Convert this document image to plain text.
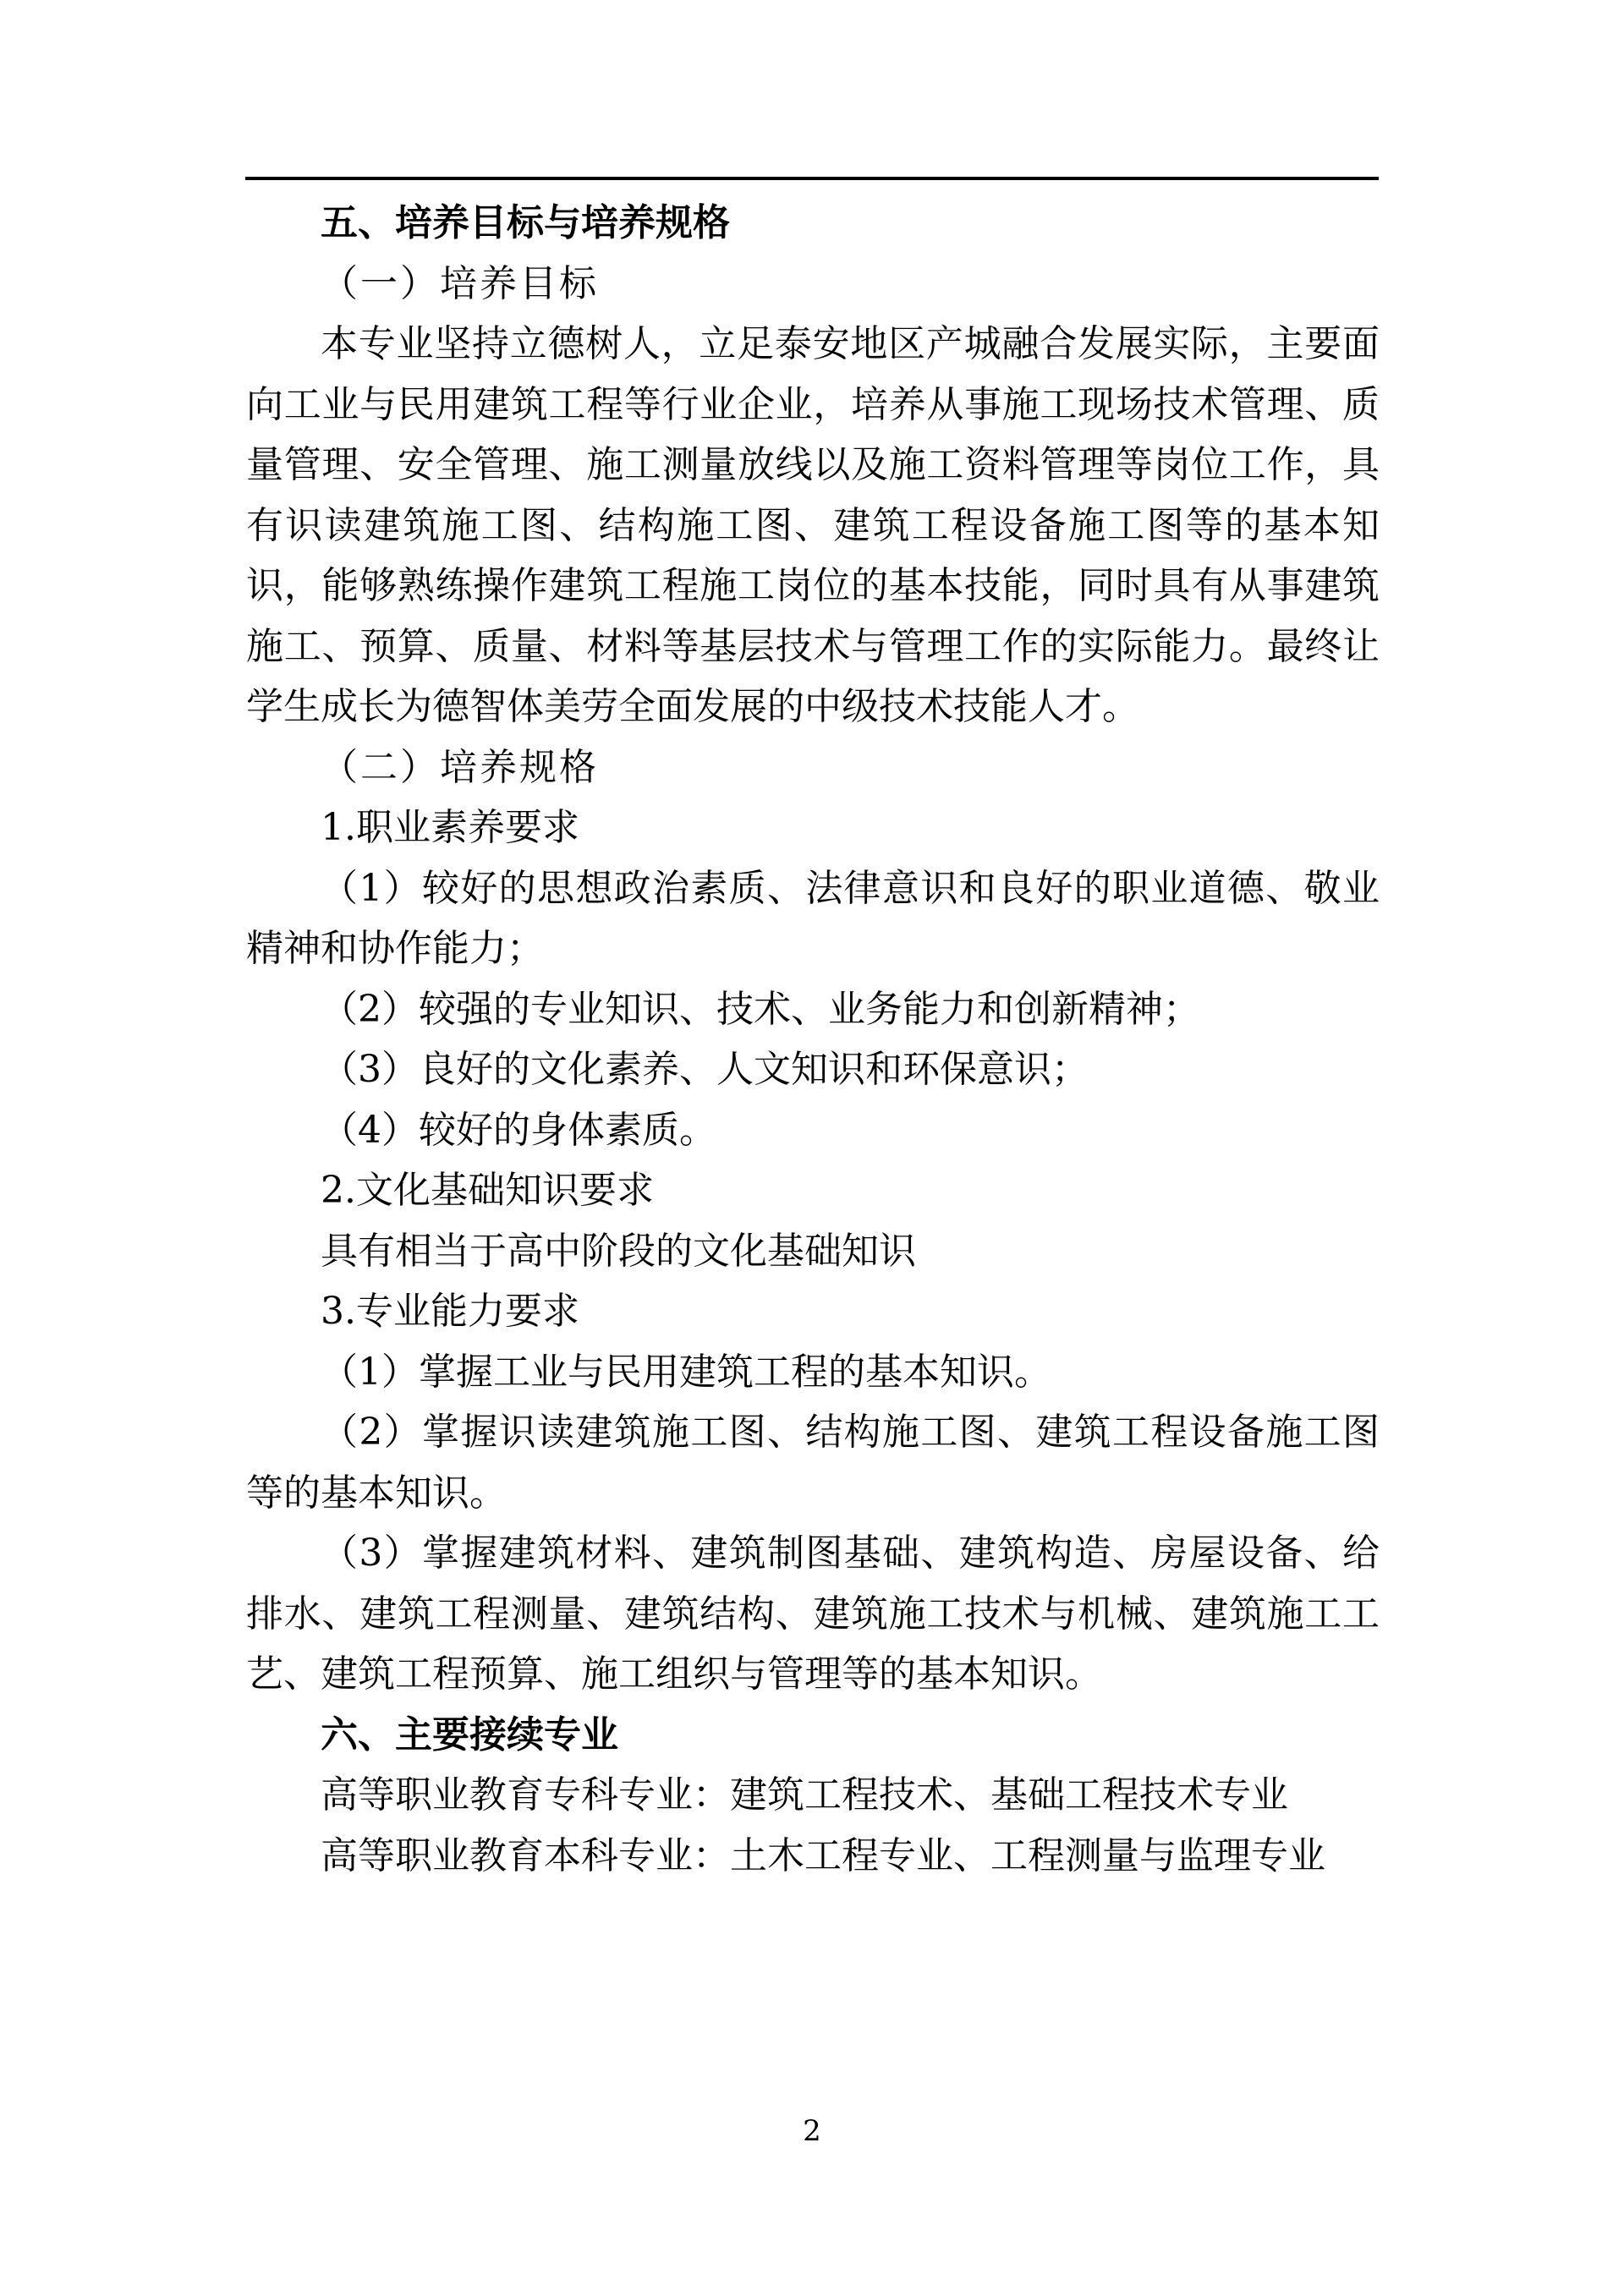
五、培养目标与培养规格
（一）培养目标
本专业坚持立德树人，立足泰安地区产城融合发展实际，主要面向工业与民用建筑工程等行业企业，培养从事施工现场技术管理、质量管理、安全管理、施工测量放线以及施工资料管理等岗位工作，具有识读建筑施工图、结构施工图、建筑工程设备施工图等的基本知识，能够熟练操作建筑工程施工岗位的基本技能，同时具有从事建筑施工、预算、质量、材料等基层技术与管理工作的实际能力。最终让学生成长为德智体美劳全面发展的中级技术技能人才。
（二）培养规格
1.职业素养要求
（1）较好的思想政治素质、法律意识和良好的职业道德、敬业精神和协作能力；
（2）较强的专业知识、技术、业务能力和创新精神；
（3）良好的文化素养、人文知识和环保意识；
（4）较好的身体素质。
2.文化基础知识要求
具有相当于高中阶段的文化基础知识
3.专业能力要求
（1）掌握工业与民用建筑工程的基本知识。
（2）掌握识读建筑施工图、结构施工图、建筑工程设备施工图等的基本知识。
（3）掌握建筑材料、建筑制图基础、建筑构造、房屋设备、给排水、建筑工程测量、建筑结构、建筑施工技术与机械、建筑施工工艺、建筑工程预算、施工组织与管理等的基本知识。
六、主要接续专业
高等职业教育专科专业：建筑工程技术、基础工程技术专业
高等职业教育本科专业：土木工程专业、工程测量与监理专业
2
